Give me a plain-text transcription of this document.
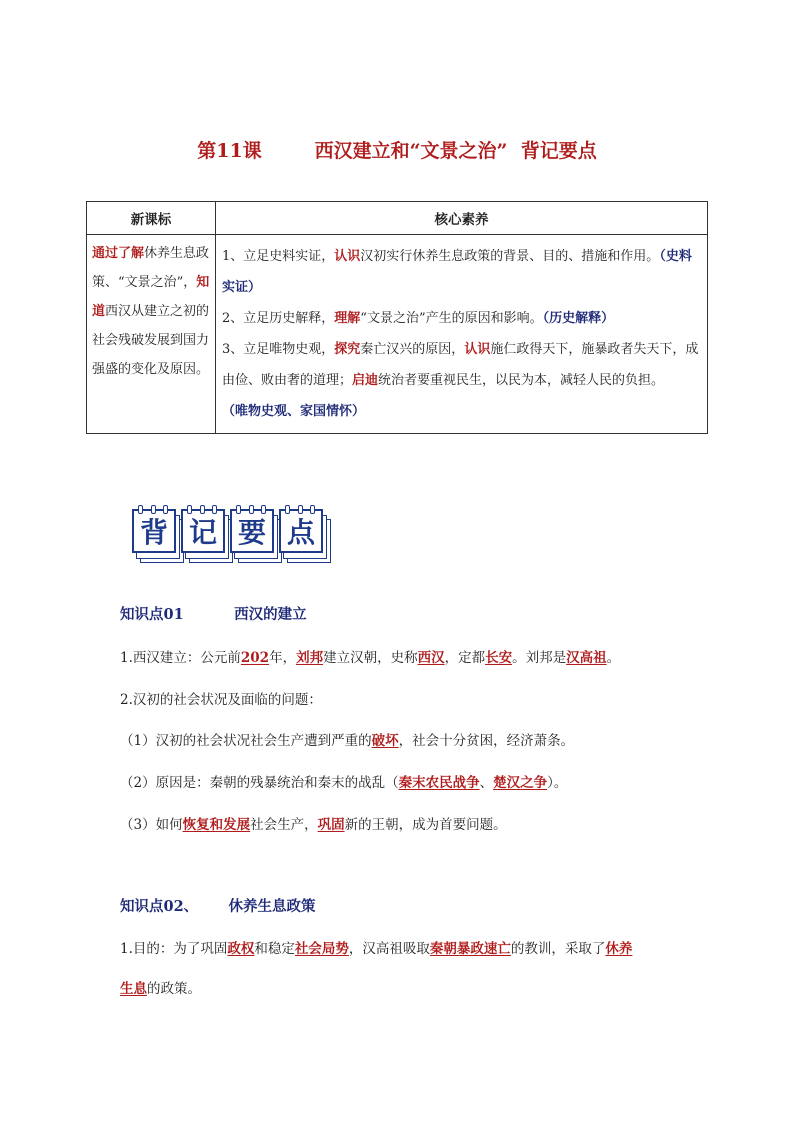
第11课        西汉建立和“文景之治”  背记要点
新课标	核心素养
通过了解休养生息政策、“文景之治”，知道西汉从建立之初的社会残破发展到国力强盛的变化及原因。	1、立足史料实证，认识汉初实行休养生息政策的背景、目的、措施和作用。（史料实证）
2、立足历史解释，理解“文景之治”产生的原因和影响。（历史解释）
3、立足唯物史观，探究秦亡汉兴的原因，认识施仁政得天下，施暴政者失天下，成由俭、败由奢的道理；启迪统治者要重视民生，以民为本，减轻人民的负担。
（唯物史观、家国情怀）
背 记 要 点
知识点01          西汉的建立
1.西汉建立：公元前202年，刘邦建立汉朝，史称西汉，定都长安。刘邦是汉高祖。
2.汉初的社会状况及面临的问题：
（1）汉初的社会状况社会生产遭到严重的破坏，社会十分贫困，经济萧条。
（2）原因是：秦朝的残暴统治和秦末的战乱（秦末农民战争、楚汉之争）。
（3）如何恢复和发展社会生产，巩固新的王朝，成为首要问题。
知识点02、      休养生息政策
1.目的：为了巩固政权和稳定社会局势，汉高祖吸取秦朝暴政速亡的教训，采取了休养
生息的政策。
